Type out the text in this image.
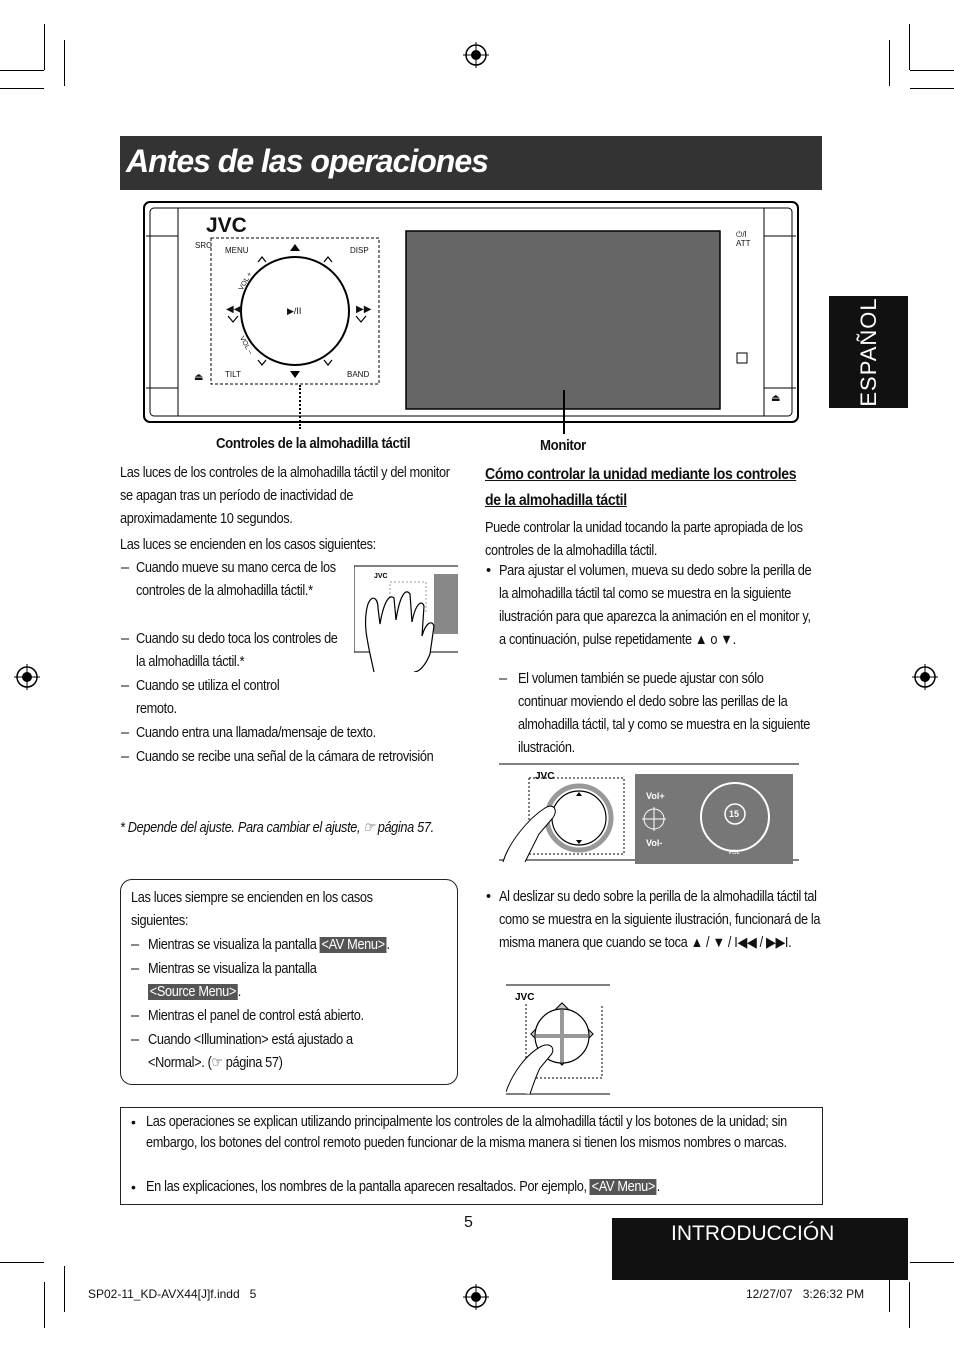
Antes de las operaciones
ESPAÑOL
JVC
SRC
MENU	DISP
TILT	BAND
⏻/I
ATT
VOL +
VOL –
▶/II
◀◀	▶▶
⏏
⏏
Controles de la almohadilla táctil	Monitor
Las luces de los controles de la almohadilla táctil y del monitor se apagan tras un período de inactividad de aproximadamente 10 segundos.
Las luces se encienden en los casos siguientes:
– Cuando mueve su mano cerca de los controles de la almohadilla táctil.*
– Cuando su dedo toca los controles de la almohadilla táctil.*
– Cuando se utiliza el control remoto.
– Cuando entra una llamada/mensaje de texto.
– Cuando se recibe una señal de la cámara de retrovisión
JVC
* Depende del ajuste. Para cambiar el ajuste, ☞ página 57.
Las luces siempre se encienden en los casos siguientes:
– Mientras se visualiza la pantalla <AV Menu> .
– Mientras se visualiza la pantalla
<Source Menu> .
– Mientras el panel de control está abierto.
– Cuando <Illumination> está ajustado a <Normal>. (☞ página 57)
Cómo controlar la unidad mediante los controles de la almohadilla táctil
Puede controlar la unidad tocando la parte apropiada de los controles de la almohadilla táctil.
• Para ajustar el volumen, mueva su dedo sobre la perilla de la almohadilla táctil tal como se muestra en la siguiente ilustración para que aparezca la animación en el monitor y, a continuación, pulse repetidamente ▲ o ▼.
– El volumen también se puede ajustar con sólo continuar moviendo el dedo sobre las perillas de la almohadilla táctil, tal y como se muestra en la siguiente ilustración.
JVC
Vol+
Vol-
15
VOL
• Al deslizar su dedo sobre la perilla de la almohadilla táctil tal como se muestra en la siguiente ilustración, funcionará de la misma manera que cuando se toca ▲ / ▼ / I◀◀ / ▶▶I.
JVC
• Las operaciones se explican utilizando principalmente los controles de la almohadilla táctil y los botones de la unidad; sin embargo, los botones del control remoto pueden funcionar de la misma manera si tienen los mismos nombres o marcas.
• En las explicaciones, los nombres de la pantalla aparecen resaltados. Por ejemplo, <AV Menu> .
5	INTRODUCCIÓN
SP02-11_KD-AVX44[J]f.indd   5	12/27/07   3:26:32 PM
